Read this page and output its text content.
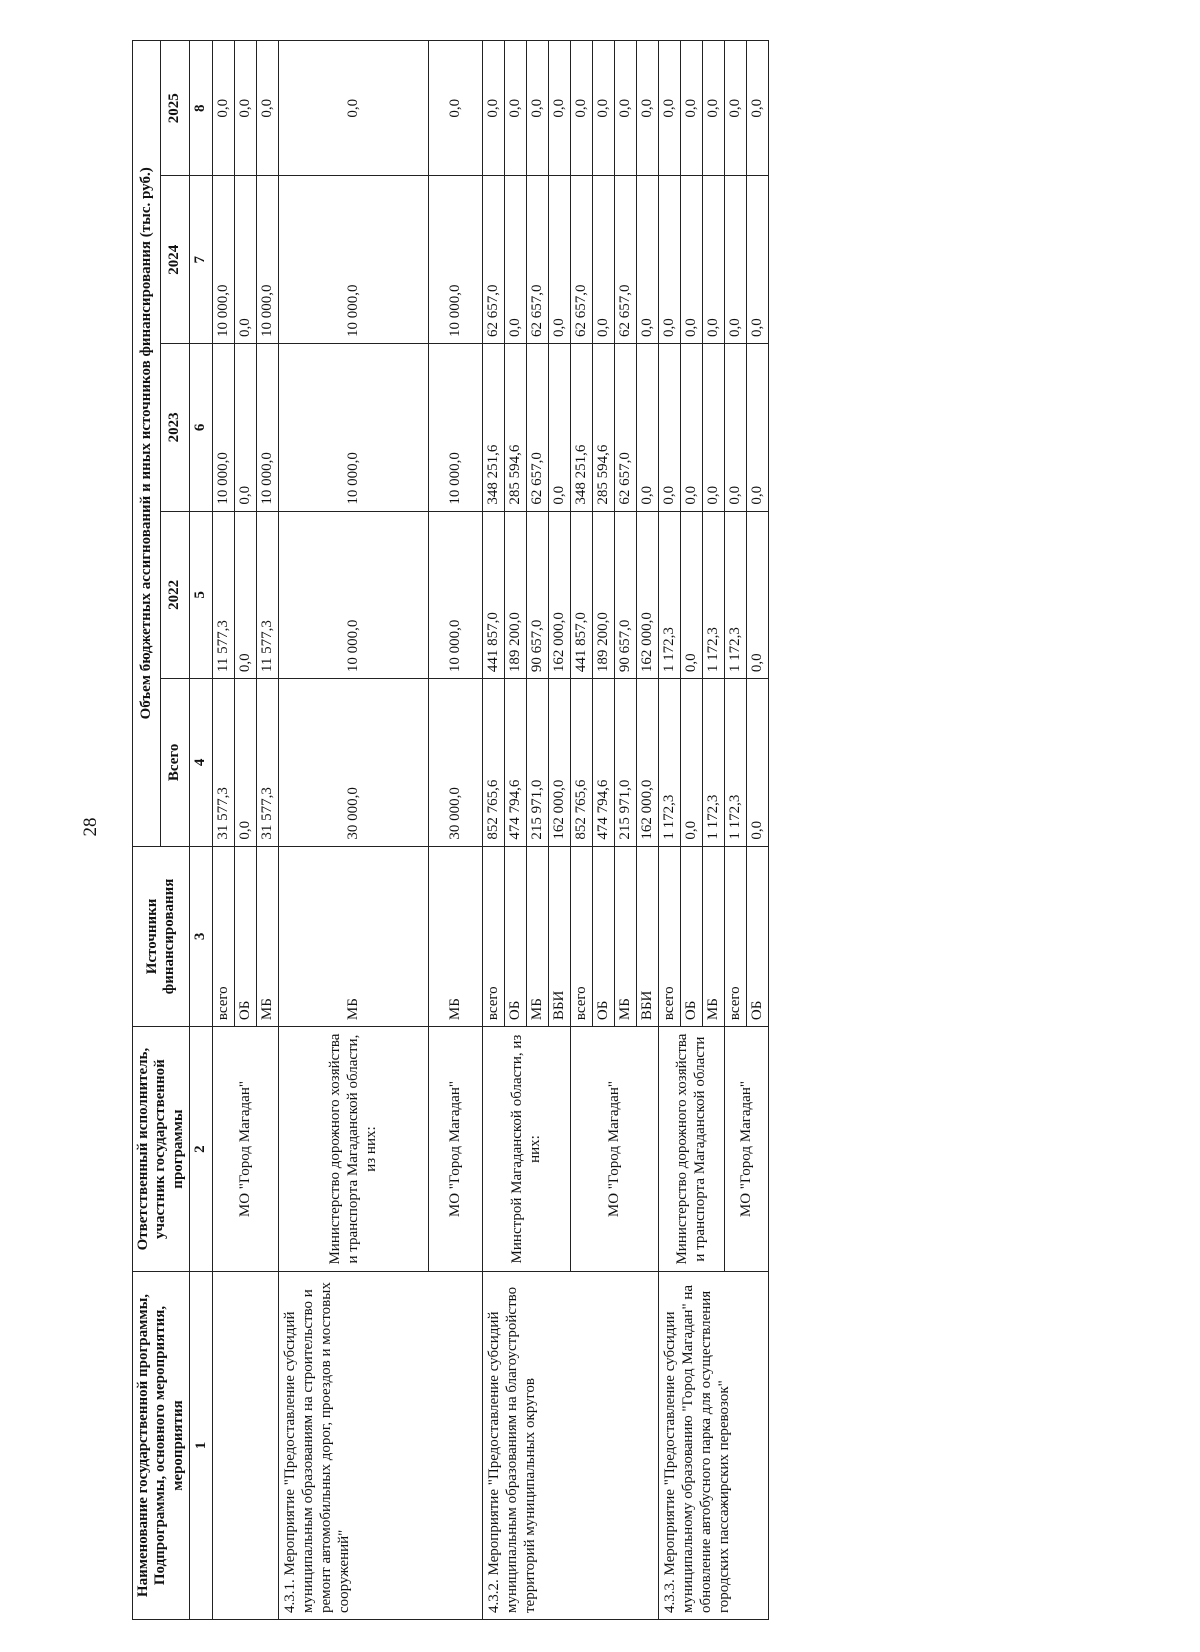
28
Наименование государственной программы, Подпрограммы, основного мероприятия, мероприятия	Ответственный исполнитель, участник государственной программы	Источники финансирования	Объем бюджетных ассигнований и иных источников финансирования (тыс. руб.)				
			Всего	2022	2023	2024	2025
1	2	3	4	5	6	7	8
	МО "Город Магадан"	всего	31 577,3	11 577,3	10 000,0	10 000,0	0,0
		ОБ	0,0	0,0	0,0	0,0	0,0
		МБ	31 577,3	11 577,3	10 000,0	10 000,0	0,0
4.3.1. Мероприятие "Предоставление субсидий муниципальным образованиям на строительство и ремонт автомобильных дорог, проездов и мостовых сооружений"	Министерство дорожного хозяйства и транспорта Магаданской области, из них:	МБ	30 000,0	10 000,0	10 000,0	10 000,0	0,0
	МО "Город Магадан"	МБ	30 000,0	10 000,0	10 000,0	10 000,0	0,0
4.3.2. Мероприятие "Предоставление субсидий муниципальным образованиям на благоустройство территорий муниципальных округов	Минстрой Магаданской области, из них:	всего	852 765,6	441 857,0	348 251,6	62 657,0	0,0
		ОБ	474 794,6	189 200,0	285 594,6	0,0	0,0
		МБ	215 971,0	90 657,0	62 657,0	62 657,0	0,0
		ВБИ	162 000,0	162 000,0	0,0	0,0	0,0
	МО "Город Магадан"	всего	852 765,6	441 857,0	348 251,6	62 657,0	0,0
		ОБ	474 794,6	189 200,0	285 594,6	0,0	0,0
		МБ	215 971,0	90 657,0	62 657,0	62 657,0	0,0
		ВБИ	162 000,0	162 000,0	0,0	0,0	0,0
4.3.3. Мероприятие "Предоставление субсидии муниципальному образованию "Город Магадан" на обновление автобусного парка для осуществления городских пассажирских перевозок"	Министерство дорожного хозяйства и транспорта Магаданской области	всего	1 172,3	1 172,3	0,0	0,0	0,0
		ОБ	0,0	0,0	0,0	0,0	0,0
		МБ	1 172,3	1 172,3	0,0	0,0	0,0
	МО "Город Магадан"	всего	1 172,3	1 172,3	0,0	0,0	0,0
		ОБ	0,0	0,0	0,0	0,0	0,0
